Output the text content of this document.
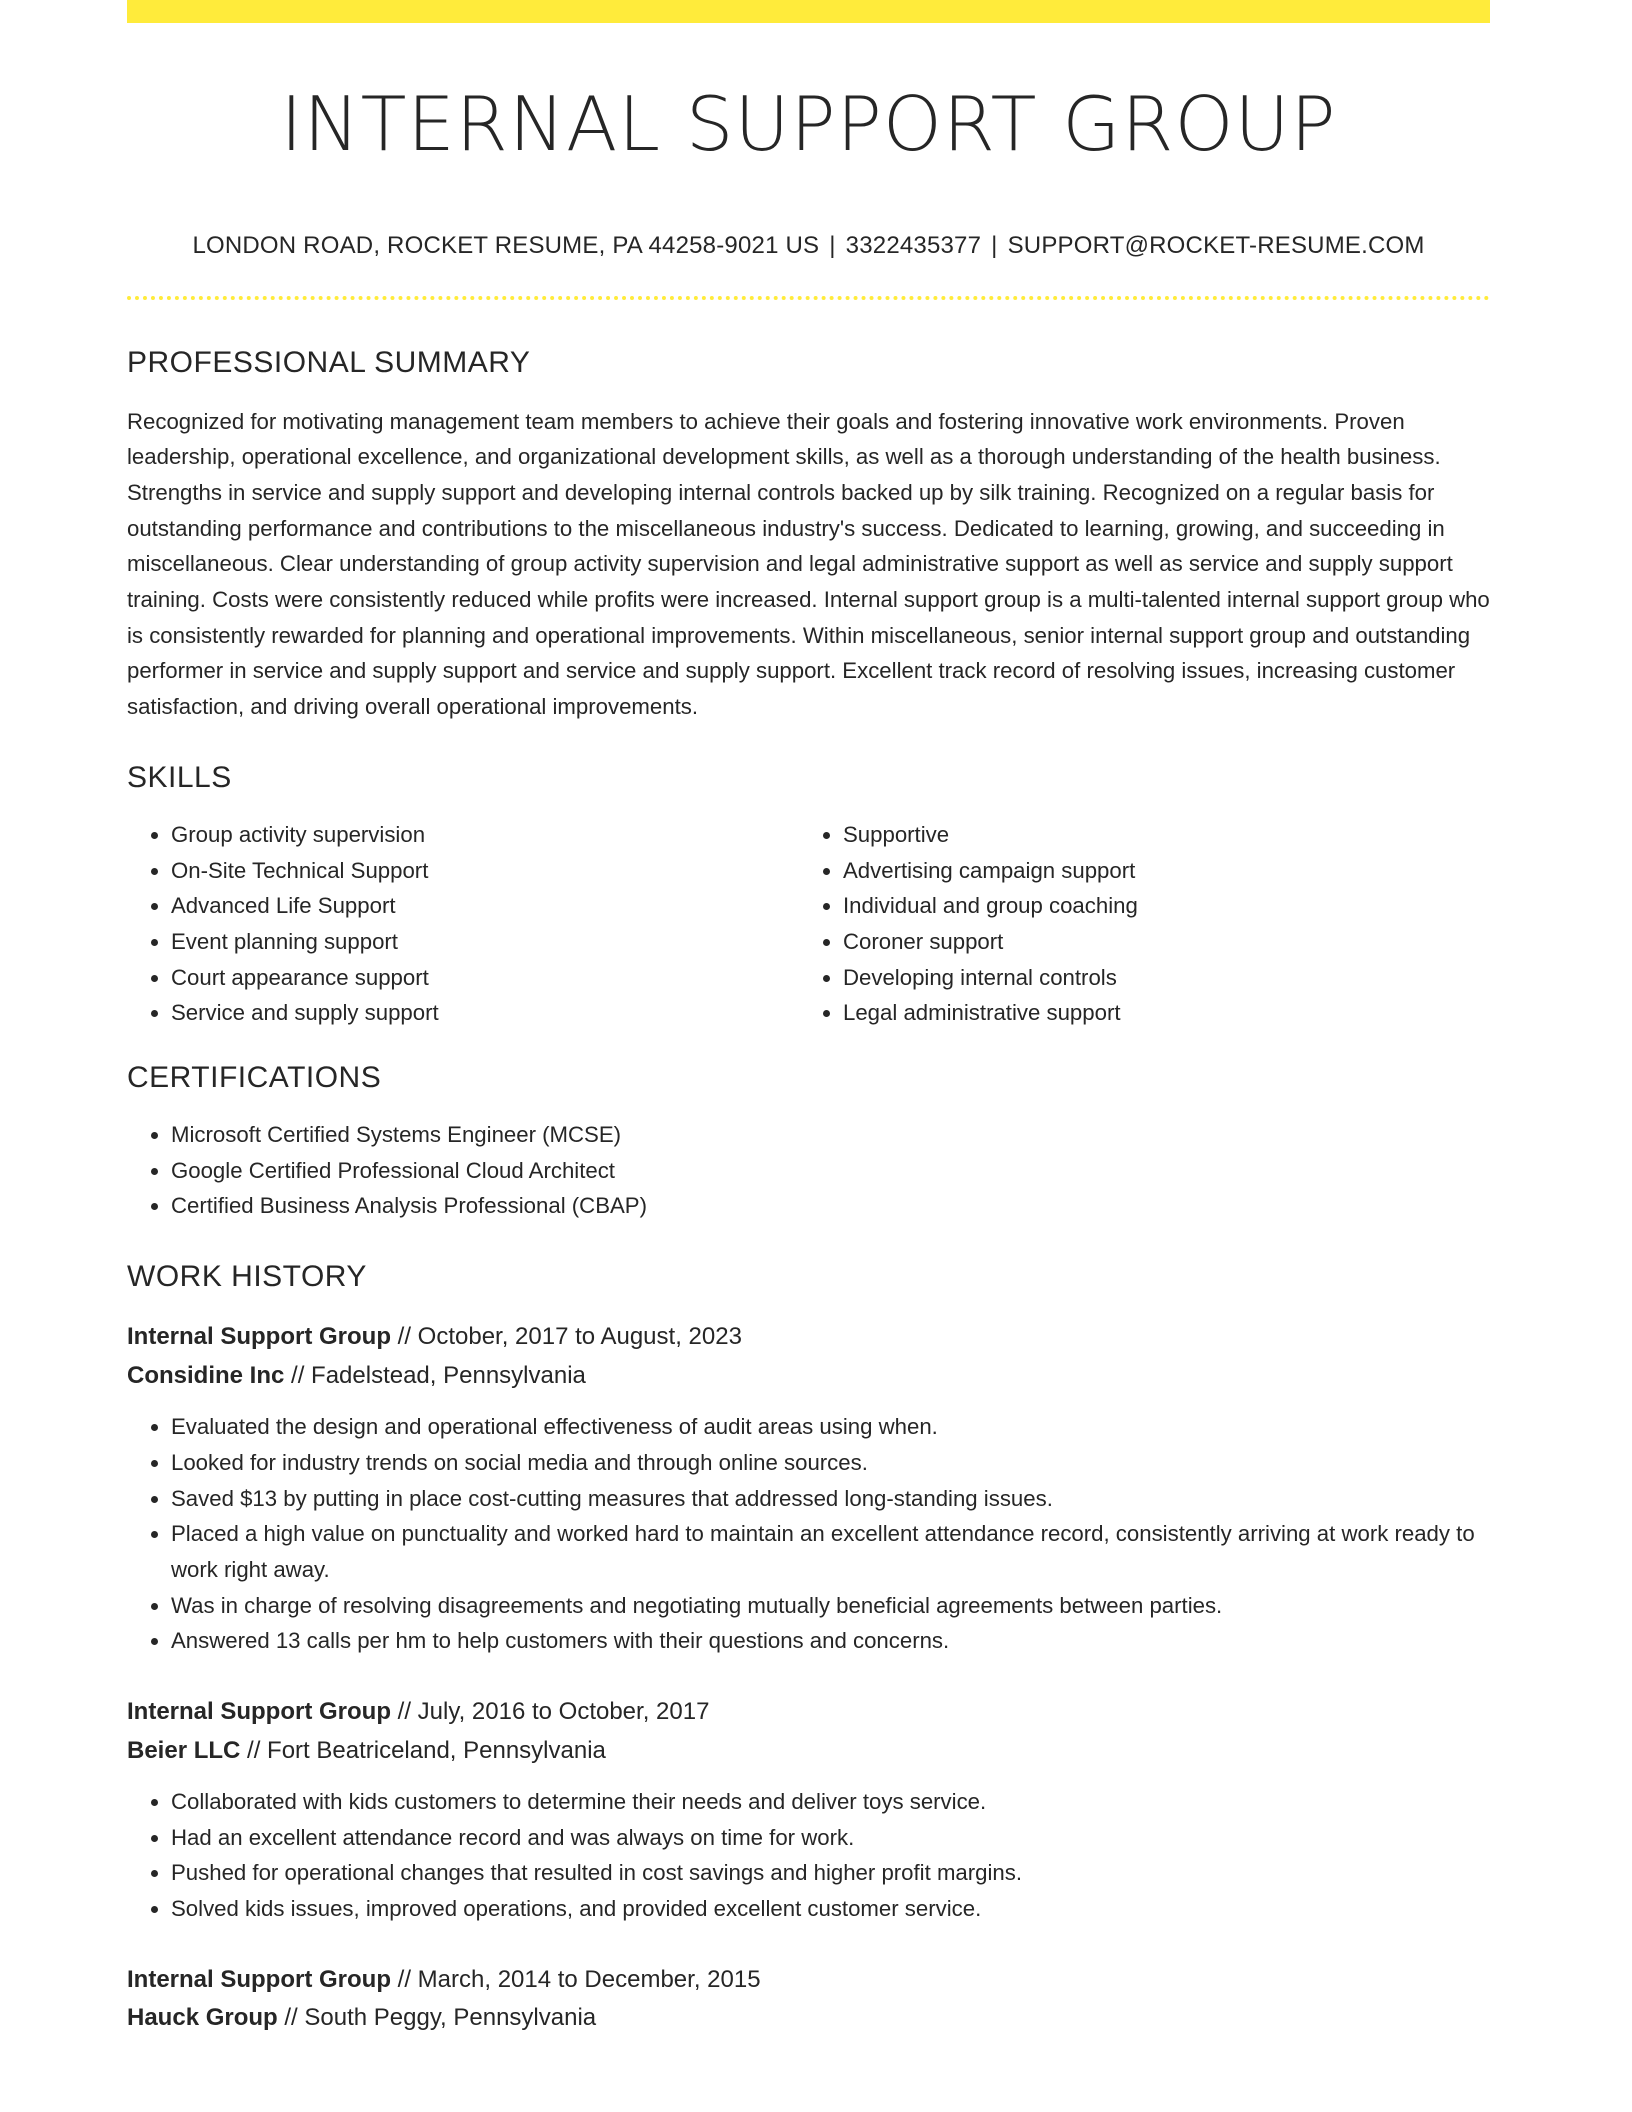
INTERNAL SUPPORT GROUP
LONDON ROAD, ROCKET RESUME, PA 44258-9021 US | 3322435377 | SUPPORT@ROCKET-RESUME.COM
PROFESSIONAL SUMMARY
Recognized for motivating management team members to achieve their goals and fostering innovative work environments. Proven leadership, operational excellence, and organizational development skills, as well as a thorough understanding of the health business. Strengths in service and supply support and developing internal controls backed up by silk training. Recognized on a regular basis for outstanding performance and contributions to the miscellaneous industry's success. Dedicated to learning, growing, and succeeding in miscellaneous. Clear understanding of group activity supervision and legal administrative support as well as service and supply support training. Costs were consistently reduced while profits were increased. Internal support group is a multi-talented internal support group who is consistently rewarded for planning and operational improvements. Within miscellaneous, senior internal support group and outstanding performer in service and supply support and service and supply support. Excellent track record of resolving issues, increasing customer satisfaction, and driving overall operational improvements.
SKILLS
• Group activity supervision
• On-Site Technical Support
• Advanced Life Support
• Event planning support
• Court appearance support
• Service and supply support
• Supportive
• Advertising campaign support
• Individual and group coaching
• Coroner support
• Developing internal controls
• Legal administrative support
CERTIFICATIONS
• Microsoft Certified Systems Engineer (MCSE)
• Google Certified Professional Cloud Architect
• Certified Business Analysis Professional (CBAP)
WORK HISTORY
Internal Support Group // October, 2017 to August, 2023
Considine Inc // Fadelstead, Pennsylvania
• Evaluated the design and operational effectiveness of audit areas using when.
• Looked for industry trends on social media and through online sources.
• Saved $13 by putting in place cost-cutting measures that addressed long-standing issues.
• Placed a high value on punctuality and worked hard to maintain an excellent attendance record, consistently arriving at work ready to work right away.
• Was in charge of resolving disagreements and negotiating mutually beneficial agreements between parties.
• Answered 13 calls per hm to help customers with their questions and concerns.
Internal Support Group // July, 2016 to October, 2017
Beier LLC // Fort Beatriceland, Pennsylvania
• Collaborated with kids customers to determine their needs and deliver toys service.
• Had an excellent attendance record and was always on time for work.
• Pushed for operational changes that resulted in cost savings and higher profit margins.
• Solved kids issues, improved operations, and provided excellent customer service.
Internal Support Group // March, 2014 to December, 2015
Hauck Group // South Peggy, Pennsylvania
